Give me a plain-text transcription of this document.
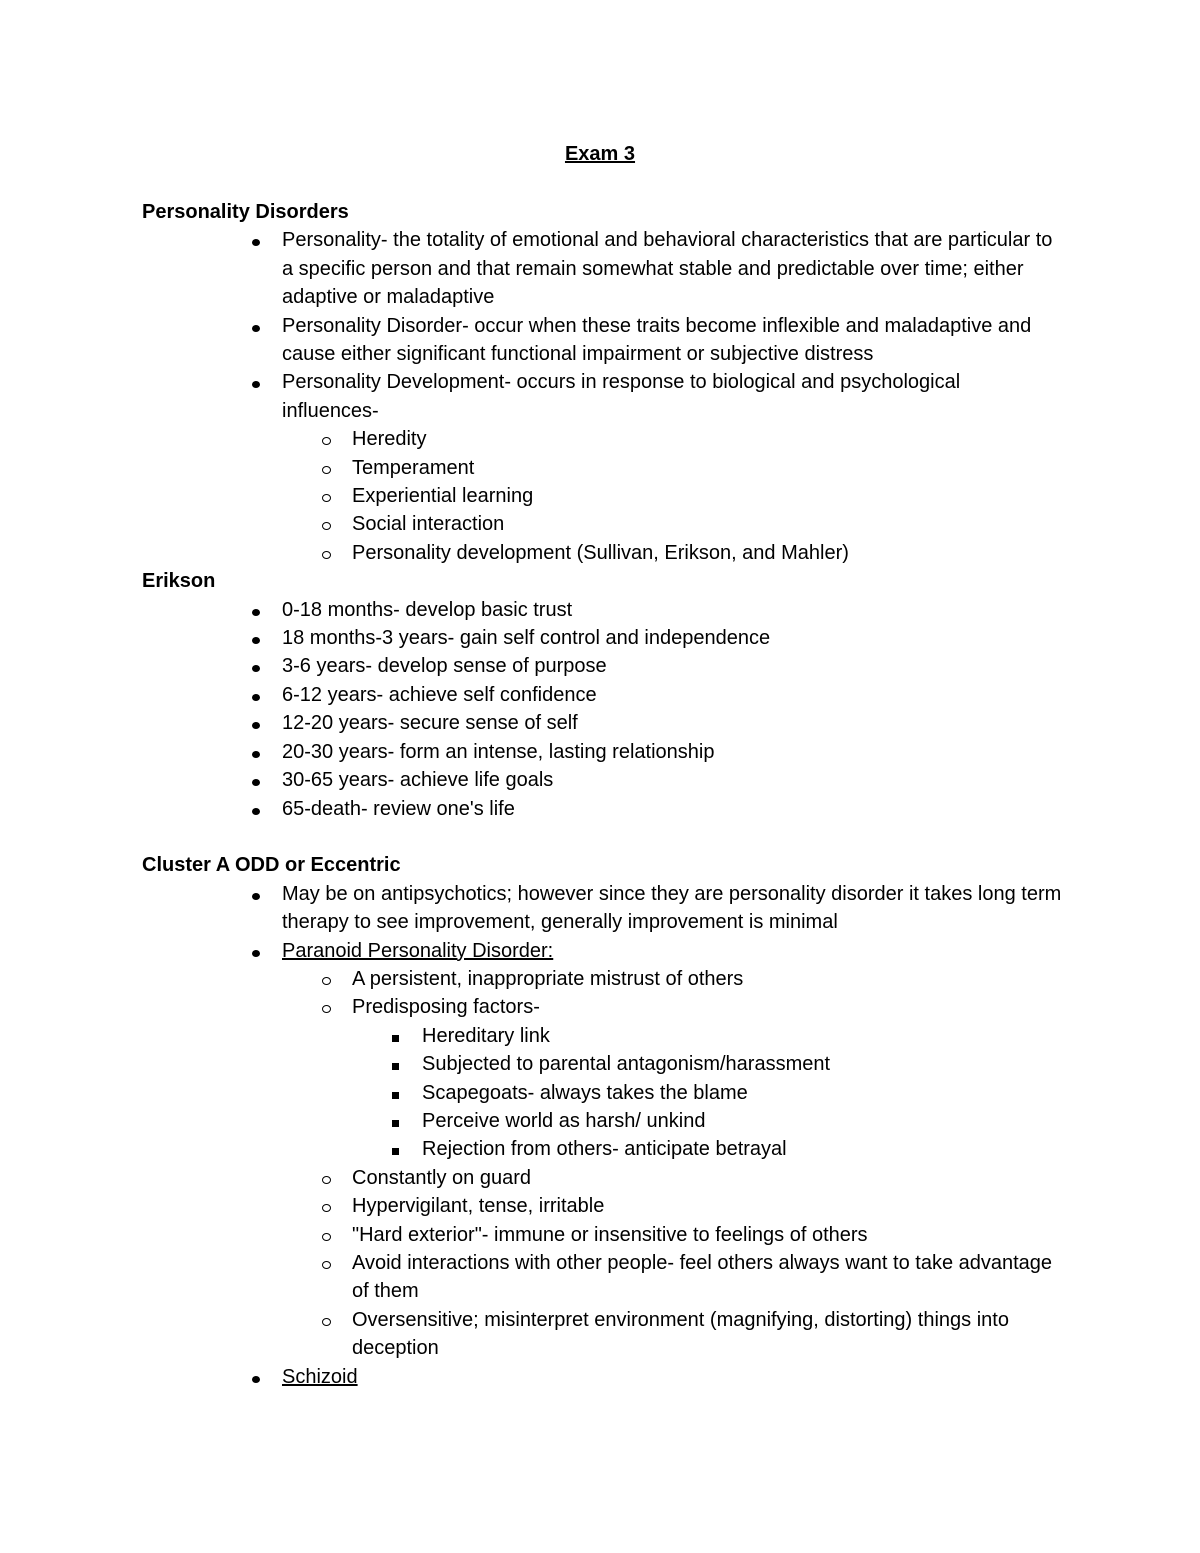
Exam 3
Personality Disorders
Personality- the totality of emotional and behavioral characteristics that are particular to a specific person and that remain somewhat stable and predictable over time; either adaptive or maladaptive
Personality Disorder- occur when these traits become inflexible and maladaptive and cause either significant functional impairment or subjective distress
Personality Development- occurs in response to biological and psychological influences-
Heredity
Temperament
Experiential learning
Social interaction
Personality development (Sullivan, Erikson, and Mahler)
Erikson
0-18 months- develop basic trust
18 months-3 years- gain self control and independence
3-6 years- develop sense of purpose
6-12 years- achieve self confidence
12-20 years- secure sense of self
20-30 years- form an intense, lasting relationship
30-65 years- achieve life goals
65-death- review one's life
Cluster A ODD or Eccentric
May be on antipsychotics; however since they are personality disorder it takes long term therapy to see improvement, generally improvement is minimal
Paranoid Personality Disorder:
A persistent, inappropriate mistrust of others
Predisposing factors-
Hereditary link
Subjected to parental antagonism/harassment
Scapegoats- always takes the blame
Perceive world as harsh/ unkind
Rejection from others- anticipate betrayal
Constantly on guard
Hypervigilant, tense, irritable
"Hard exterior"- immune or insensitive to feelings of others
Avoid interactions with other people- feel others always want to take advantage of them
Oversensitive; misinterpret environment (magnifying, distorting) things into deception
Schizoid
